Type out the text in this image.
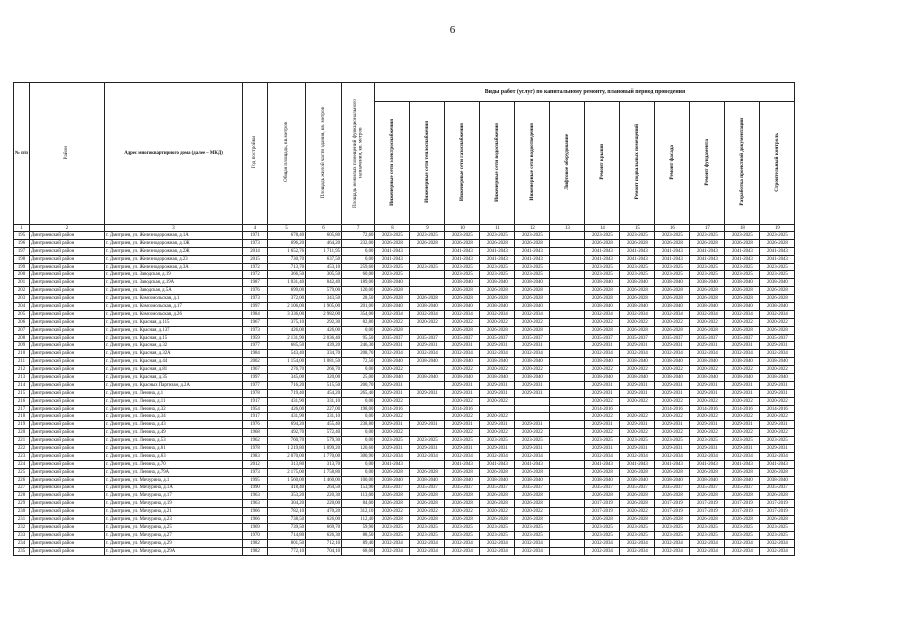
6
№ п/п	Район	Адрес многоквартирного дома (далее – МКД)	Год постройки	Общая площадь, кв.метров	Площадь жилой части здания, кв. метров	Площадь нежилых помещений функционального назначения, кв. метров	Виды работ (услуг) по капитальному ремонту, плановый период проведения											
							Инженерные сети электроснабжения	Инженерные сети теплоснабжения	Инженерные сети газоснабжения	Инженерные сети водоснабжения	Инженерные сети водоотведения	Лифтовое оборудование	Ремонт крыши	Ремонт подвальных помещений	Ремонт фасада	Ремонт фундамента	Разработка проектной документации	Строительный контроль
1	2	3	4	5	6	7	8	9	10	11	12	13	14	15	16	17	18	19
195	Дмитриевский район	г. Дмитриев, ул. Железнодорожная, д.1А	1971	678,40	605,80	72,60	2023-2025	2023-2025	2023-2025	2023-2025	2023-2025		2023-2025	2023-2025	2023-2025	2023-2025	2023-2025	2023-2025
196	Дмитриевский район	г. Дмитриев, ул. Железнодорожная, д.1Ж	1973	696,20	464,20	232,00	2026-2028	2026-2028	2026-2028	2026-2028	2026-2028		2026-2028	2026-2028	2026-2028	2026-2028	2026-2028	2026-2028
197	Дмитриевский район	г. Дмитриев, ул. Железнодорожная, д.2Ж	2014	1 652,76	1 711,95	0,00	2041-2043		2041-2043	2041-2043	2041-2043		2041-2043	2041-2043	2041-2043	2041-2043	2041-2043	2041-2043
198	Дмитриевский район	г. Дмитриев, ул. Железнодорожная, д.23	2015	730,70	637,50	0,00	2041-2043		2041-2043	2041-2043	2041-2043		2041-2043	2041-2043	2041-2043	2041-2043	2041-2043	2041-2043
199	Дмитриевский район	г. Дмитриев, ул. Железнодорожная, д.3А	1972	713,70	453,10	259,60	2023-2025	2023-2025	2023-2025	2023-2025	2023-2025		2023-2025	2023-2025	2023-2025	2023-2025	2023-2025	2023-2025
200	Дмитриевский район	г. Дмитриев, ул. Заводская, д.19	1972	366,50	305,50	60,00	2023-2025		2023-2025	2023-2025	2023-2025		2023-2025	2023-2025	2023-2025	2023-2025	2023-2025	2023-2025
201	Дмитриевский район	г. Дмитриев, ул. Заводская, д.19А	1987	1 031,40	842,40	189,00	2038-2040		2038-2040	2038-2040	2038-2040		2038-2040	2038-2040	2038-2040	2038-2040	2038-2040	2038-2040
202	Дмитриевский район	г. Дмитриев, ул. Заводская, д.5А	1976	699,00	579,00	120,00	2026-2028		2026-2028	2026-2028	2026-2028		2026-2028	2026-2028	2026-2028	2026-2028	2026-2028	2026-2028
203	Дмитриевский район	г. Дмитриев, ул. Комсомольская, д.1	1973	372,00	343,50	28,50	2026-2028	2026-2028	2026-2028	2026-2028	2026-2028		2026-2028	2026-2028	2026-2028	2026-2028	2026-2028	2026-2028
204	Дмитриевский район	г. Дмитриев, ул. Комсомольская, д.17	1997	2 106,00	1 905,00	201,00	2038-2040	2038-2040	2038-2040	2038-2040	2038-2040		2038-2040	2038-2040	2038-2040	2038-2040	2038-2040	2038-2040
205	Дмитриевский район	г. Дмитриев, ул. Комсомольская, д.26	1984	3 336,00	2 982,00	354,00	2032-2034	2032-2034	2032-2034	2032-2034	2032-2034		2032-2034	2032-2034	2032-2034	2032-2034	2032-2034	2032-2034
206	Дмитриевский район	г. Дмитриев, ул. Красная, д.115	1967	375,10	292,30	82,80	2020-2022	2020-2022	2020-2022	2020-2022	2020-2022		2020-2022	2020-2022	2020-2022	2020-2022	2020-2022	2020-2022
207	Дмитриевский район	г. Дмитриев, ул. Красная, д.137	1973	426,00	426,00	0,00	2026-2028		2026-2028	2026-2028	2026-2028		2026-2028	2026-2028	2026-2028	2026-2028	2026-2028	2026-2028
208	Дмитриевский район	г. Дмитриев, ул. Красная, д.15	1959	2 131,90	2 036,40	95,50	2035-2037	2035-2037	2035-2037	2035-2037	2035-2037		2035-2037	2035-2037	2035-2037	2035-2037	2035-2037	2035-2037
209	Дмитриевский район	г. Дмитриев, ул. Красная, д.32	1977	685,50	439,20	246,30	2029-2031	2029-2031	2029-2031	2029-2031	2029-2031		2029-2031	2029-2031	2029-2031	2029-2031	2029-2031	2029-2031
210	Дмитриевский район	г. Дмитриев, ул. Красная, д.32А	1984	543,40	334,70	208,70	2032-2034	2032-2034	2032-2034	2032-2034	2032-2034		2032-2034	2032-2034	2032-2034	2032-2034	2032-2034	2032-2034
211	Дмитриевский район	г. Дмитриев, ул. Красная, д.44	2002	1 154,00	1 081,50	72,50	2038-2040	2038-2040	2038-2040	2038-2040	2038-2040		2038-2040	2038-2040	2038-2040	2038-2040	2038-2040	2038-2040
212	Дмитриевский район	г. Дмитриев, ул. Красная, д.81	1967	276,70	266,70	0,00	2020-2022		2020-2022	2020-2022	2020-2022		2020-2022	2020-2022	2020-2022	2020-2022	2020-2022	2020-2022
213	Дмитриевский район	г. Дмитриев, ул. Красная, д.35	1997	345,00	320,00	25,00	2038-2040	2038-2040	2038-2040	2038-2040	2038-2040		2038-2040	2038-2040	2038-2040	2038-2040	2038-2040	2038-2040
214	Дмитриевский район	г. Дмитриев, ул. Красных Партизан, д.2А	1977	716,20	515,50	200,70	2029-2031		2029-2031	2029-2031	2029-2031		2029-2031	2029-2031	2029-2031	2029-2031	2029-2031	2029-2031
215	Дмитриевский район	г. Дмитриев, ул. Ленина, д.1	1978	719,40	454,20	265,40	2029-2031	2029-2031	2029-2031	2029-2031	2029-2031		2029-2031	2029-2031	2029-2031	2029-2031	2029-2031	2029-2031
216	Дмитриевский район	г. Дмитриев, ул. Ленина, д.11	1917	431,90	331,10	0,00	2020-2022		2020-2022	2020-2022			2020-2022	2020-2022	2020-2022	2020-2022	2020-2022	2020-2022
217	Дмитриевский район	г. Дмитриев, ул. Ленина, д.32	1954	426,00	227,00	198,00	2014-2016		2014-2016				2014-2016		2014-2016	2014-2016	2014-2016	2014-2016
218	Дмитриевский район	г. Дмитриев, ул. Ленина, д.34	1917	431,90	331,10	0,00	2020-2022		2020-2022	2020-2022			2020-2022	2020-2022	2020-2022	2020-2022	2020-2022	2020-2022
219	Дмитриевский район	г. Дмитриев, ул. Ленина, д.43	1976	694,20	455,40	238,80	2029-2031	2029-2031	2029-2031	2029-2031	2029-2031		2029-2031	2029-2031	2029-2031	2029-2031	2029-2031	2029-2031
220	Дмитриевский район	г. Дмитриев, ул. Ленина, д.49	1968	492,70	572,40	0,00	2020-2022		2020-2022	2020-2022	2020-2022		2020-2022	2020-2022	2020-2022	2020-2022	2020-2022	2020-2022
221	Дмитриевский район	г. Дмитриев, ул. Ленина, д.53	1962	760,70	579,30	0,00	2023-2025	2023-2025	2023-2025	2023-2025	2023-2025		2023-2025	2023-2025	2023-2025	2023-2025	2023-2025	2023-2025
222	Дмитриевский район	г. Дмитриев, ул. Ленина, д.61	1978	1 219,80	1 099,20	120,60	2029-2031	2029-2031	2029-2031	2029-2031	2029-2031		2029-2031	2029-2031	2029-2031	2029-2031	2029-2031	2029-2031
223	Дмитриевский район	г. Дмитриев, ул. Ленина, д.63	1983	2 070,00	1 770,00	300,90	2032-2034	2032-2034	2032-2034	2032-2034	2032-2034		2032-2034	2032-2034	2032-2034	2032-2034	2032-2034	2032-2034
224	Дмитриевский район	г. Дмитриев, ул. Ленина, д.70	2012	313,80	313,70	0,00	2041-2043		2041-2043	2041-2043	2041-2043		2041-2043	2041-2043	2041-2043	2041-2043	2041-2043	2041-2043
225	Дмитриевский район	г. Дмитриев, ул. Ленина, д.79А	1973	2 175,00	1 758,80	0,00	2026-2028	2026-2028	2026-2028	2026-2028	2026-2028		2026-2028	2026-2028	2026-2028	2026-2028	2026-2028	2026-2028
226	Дмитриевский район	г. Дмитриев, ул. Мичурина, д.1	1995	1 560,00	1 460,00	100,00	2038-2040	2038-2040	2038-2040	2038-2040	2038-2040		2038-2040	2038-2040	2038-2040	2038-2040	2038-2040	2038-2040
227	Дмитриевский район	г. Дмитриев, ул. Мичурина, д.1А	1990	418,40	264,50	153,90	2035-2037	2035-2037	2035-2037	2035-2037	2035-2037		2035-2037	2035-2037	2035-2037	2035-2037	2035-2037	2035-2037
228	Дмитриевский район	г. Дмитриев, ул. Мичурина, д.17	1963	353,20	220,30	113,00	2026-2028	2026-2028	2026-2028	2026-2028	2026-2028		2026-2028	2026-2028	2026-2028	2026-2028	2026-2028	2026-2028
229	Дмитриевский район	г. Дмитриев, ул. Мичурина, д.19	1963	304,20	220,00	84,00	2026-2028	2026-2028	2026-2028	2026-2028	2026-2028		2017-2019	2026-2028	2017-2019	2017-2019	2017-2019	2017-2019
230	Дмитриевский район	г. Дмитриев, ул. Мичурина, д.21	1966	782,10	470,20	312,10	2020-2022	2020-2022	2020-2022	2020-2022	2020-2022		2017-2019	2020-2022	2017-2019	2017-2019	2017-2019	2017-2019
231	Дмитриевский район	г. Дмитриев, ул. Мичурина, д.23	1966	738,50	626,00	112,40	2026-2028	2026-2028	2026-2028	2026-2028	2026-2028		2026-2028	2026-2028	2026-2028	2026-2028	2026-2028	2026-2028
232	Дмитриевский район	г. Дмитриев, ул. Мичурина, д.25	1969	739,50	669,70	59,90	2023-2025	2023-2025	2023-2025	2023-2025	2023-2025		2023-2025	2023-2025	2023-2025	2023-2025	2023-2025	2023-2025
233	Дмитриевский район	г. Дмитриев, ул. Мичурина, д.27	1970	714,80	626,30	88,50	2023-2025	2023-2025	2023-2025	2023-2025	2023-2025		2023-2025	2023-2025	2023-2025	2023-2025	2023-2025	2023-2025
234	Дмитриевский район	г. Дмитриев, ул. Мичурина, д.29	1982	801,50	712,10	89,40	2032-2034	2032-2034	2032-2034	2032-2034	2032-2034		2032-2034	2032-2034	2032-2034	2032-2034	2032-2034	2032-2034
235	Дмитриевский район	г. Дмитриев, ул. Мичурина, д.29А	1982	772,10	704,10	68,00	2032-2034	2032-2034	2032-2034	2032-2034	2032-2034		2032-2034	2032-2034	2032-2034	2032-2034	2032-2034	2032-2034
